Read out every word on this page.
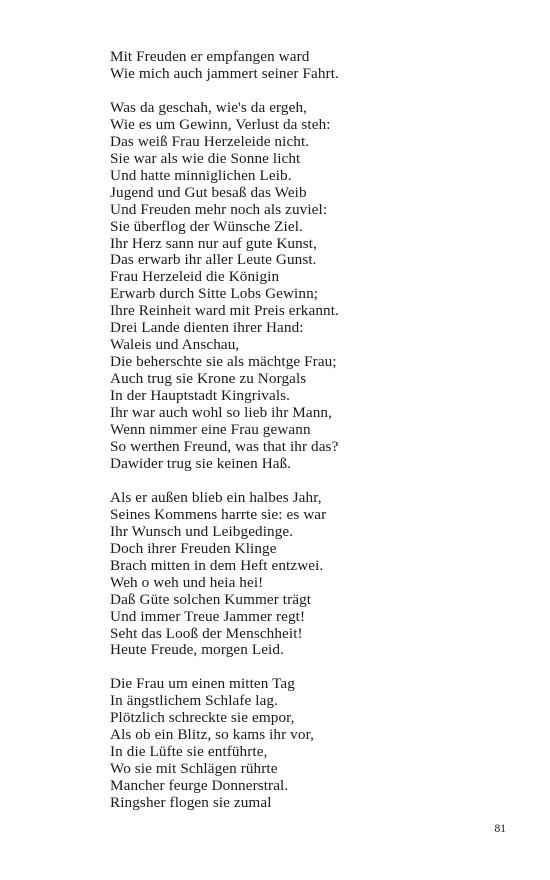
Mit Freuden er empfangen ward
Wie mich auch jammert seiner Fahrt.
Was da geschah, wie's da ergeh,
Wie es um Gewinn, Verlust da steh:
Das weiß Frau Herzeleide nicht.
Sie war als wie die Sonne licht
Und hatte minniglichen Leib.
Jugend und Gut besaß das Weib
Und Freuden mehr noch als zuviel:
Sie überflog der Wünsche Ziel.
Ihr Herz sann nur auf gute Kunst,
Das erwarb ihr aller Leute Gunst.
Frau Herzeleid die Königin
Erwarb durch Sitte Lobs Gewinn;
Ihre Reinheit ward mit Preis erkannt.
Drei Lande dienten ihrer Hand:
Waleis und Anschau,
Die beherschte sie als mächtge Frau;
Auch trug sie Krone zu Norgals
In der Hauptstadt Kingrivals.
Ihr war auch wohl so lieb ihr Mann,
Wenn nimmer eine Frau gewann
So werthen Freund, was that ihr das?
Dawider trug sie keinen Haß.
Als er außen blieb ein halbes Jahr,
Seines Kommens harrte sie: es war
Ihr Wunsch und Leibgedinge.
Doch ihrer Freuden Klinge
Brach mitten in dem Heft entzwei.
Weh o weh und heia hei!
Daß Güte solchen Kummer trägt
Und immer Treue Jammer regt!
Seht das Looß der Menschheit!
Heute Freude, morgen Leid.
Die Frau um einen mitten Tag
In ängstlichem Schlafe lag.
Plötzlich schreckte sie empor,
Als ob ein Blitz, so kams ihr vor,
In die Lüfte sie entführte,
Wo sie mit Schlägen rührte
Mancher feurge Donnerstral.
Ringsher flogen sie zumal
81
